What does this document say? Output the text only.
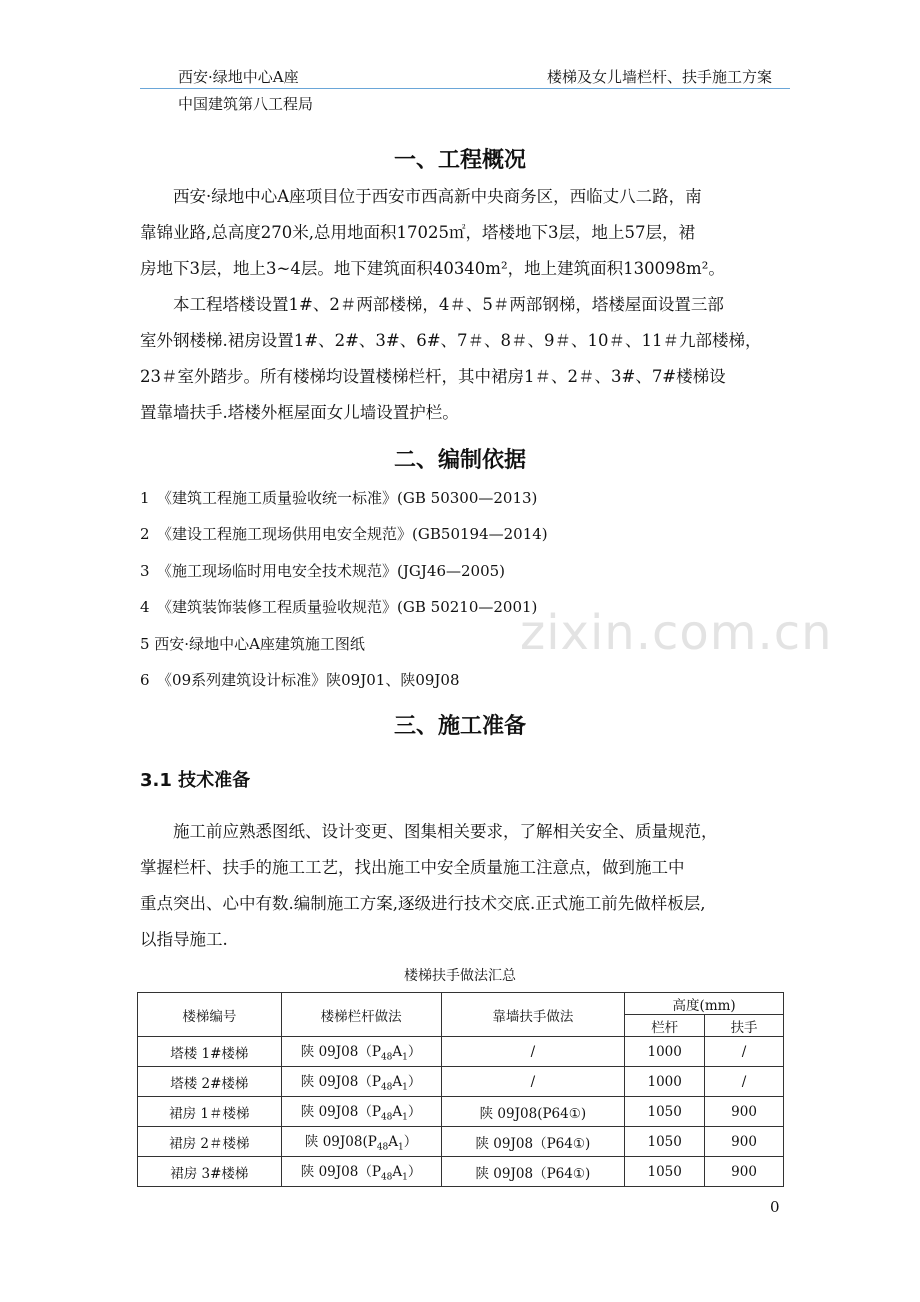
西安·绿地中心A座	楼梯及女儿墙栏杆、扶手施工方案
中国建筑第八工程局
zixin.com.cn
一、工程概况

西安·绿地中心A座项目位于西安市西高新中央商务区，西临丈八二路，南

靠锦业路,总高度270米,总用地面积17025㎡，塔楼地下3层，地上57层，裙

房地下3层，地上3~4层。地下建筑面积40340m²，地上建筑面积130098m²。

本工程塔楼设置1#、2＃两部楼梯，4＃、5＃两部钢梯，塔楼屋面设置三部

室外钢楼梯.裙房设置1#、2#、3#、6#、7＃、8＃、9＃、10＃、11＃九部楼梯，

23＃室外踏步。所有楼梯均设置楼梯栏杆，其中裙房1＃、2＃、3#、7#楼梯设

置靠墙扶手.塔楼外框屋面女儿墙设置护栏。

二、编制依据
1　《建筑工程施工质量验收统一标准》(GB 50300—2013)
2　《建设工程施工现场供用电安全规范》(GB50194—2014)
3　《施工现场临时用电安全技术规范》(JGJ46—2005)
4　《建筑装饰装修工程质量验收规范》(GB 50210—2001)
5 西安·绿地中心A座建筑施工图纸
6　《09系列建筑设计标准》陕09J01、陕09J08
三、施工准备
3.1 技术准备

施工前应熟悉图纸、设计变更、图集相关要求，了解相关安全、质量规范，

掌握栏杆、扶手的施工工艺，找出施工中安全质量施工注意点，做到施工中

重点突出、心中有数.编制施工方案,逐级进行技术交底.正式施工前先做样板层,

以指导施工.

楼梯扶手做法汇总
楼梯编号	楼梯栏杆做法	靠墙扶手做法	高度(mm)	
			栏杆	扶手
塔楼 1#楼梯	陕 $09J08(P_{48}A_1)$	/	1000	/
塔楼 2#楼梯	陕 $09J08(P_{48}A_1)$	/	1000	/
裙房 1＃楼梯	陕 $09J08(P_{48}A_1)$	陕 09J08(P64①)	1050	900
裙房 2＃楼梯	陕 $09J08(P_{48}A_1)$	陕 09J08（P64①)	1050	900
裙房 3#楼梯	陕 $09J08(P_{48}A_1)$	陕 09J08（P64①)	1050	900
0
